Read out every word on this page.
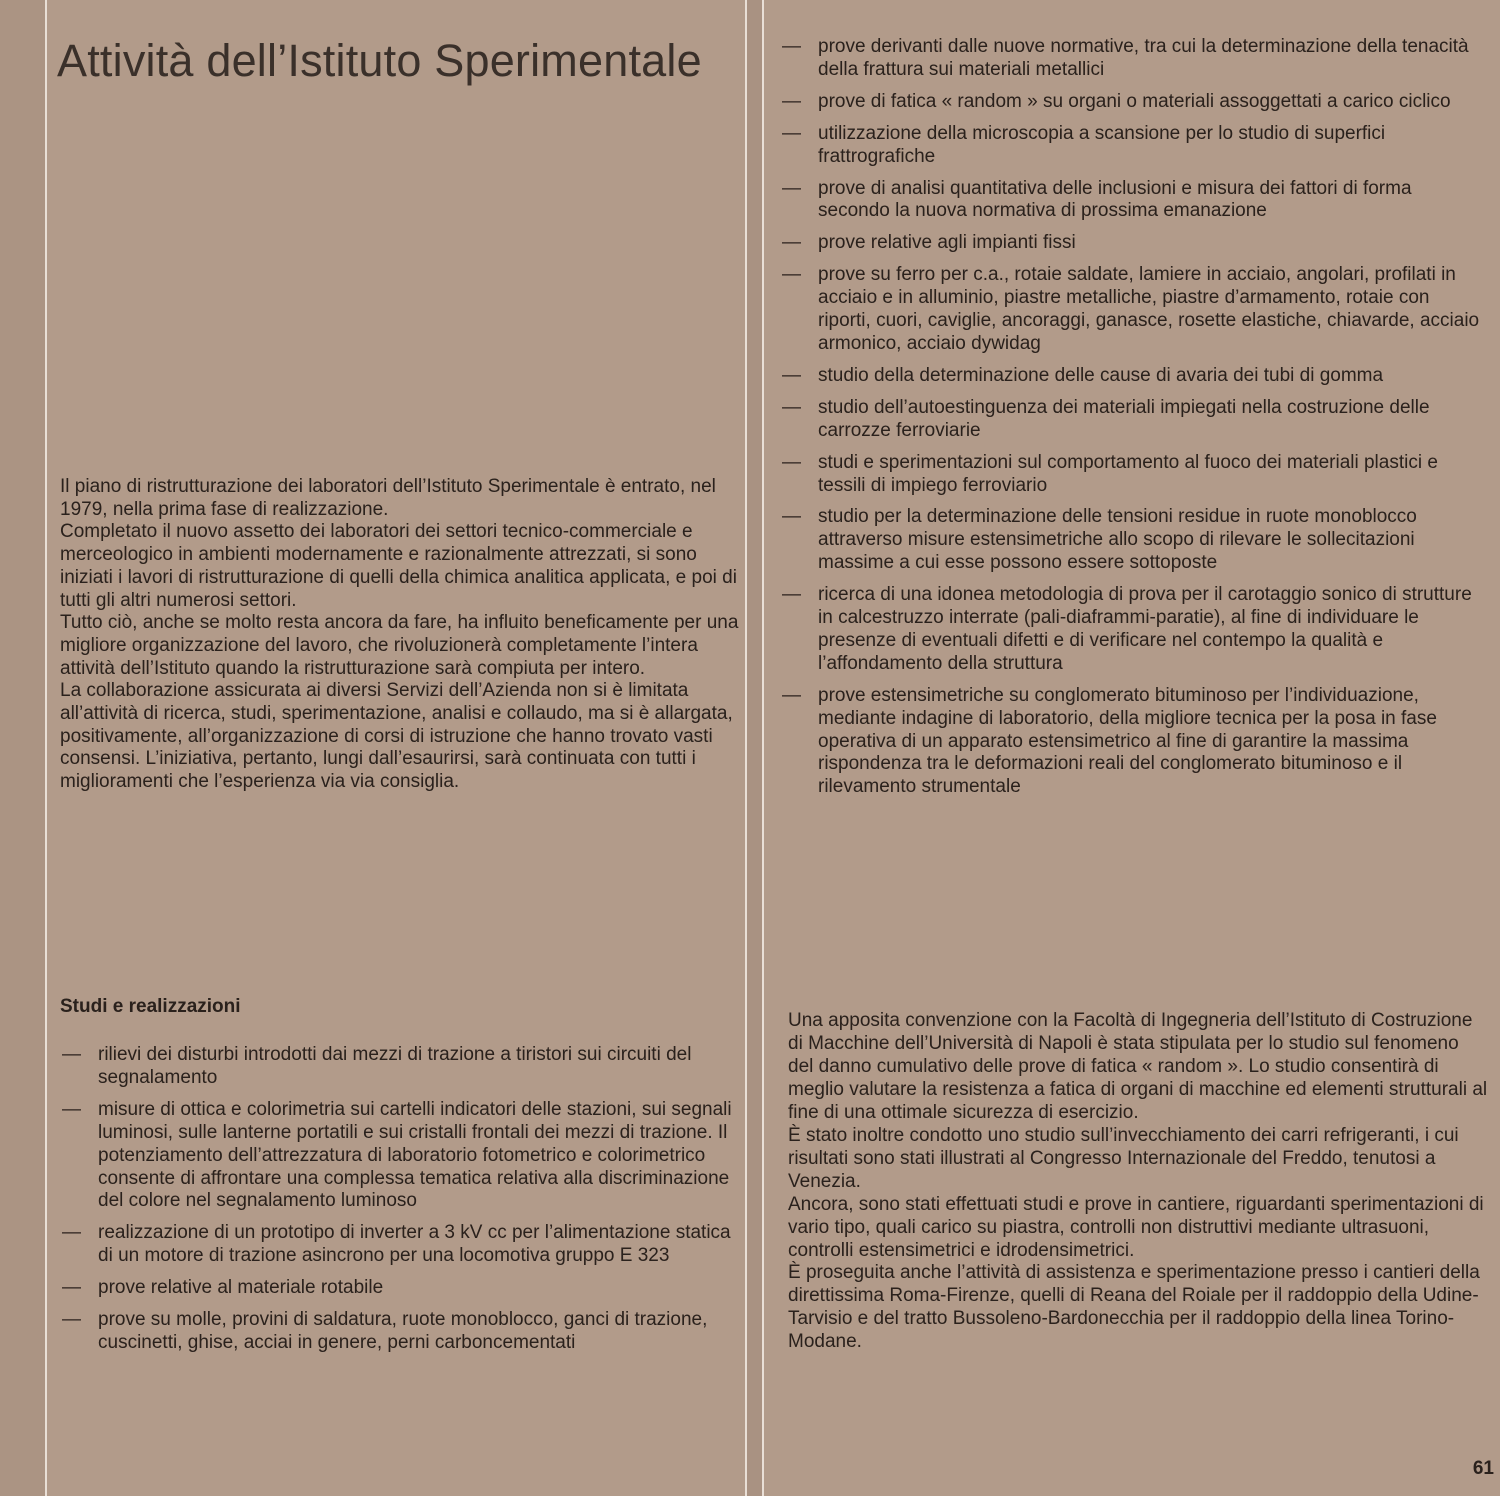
Attività dell’Istituto Sperimentale

Il piano di ristrutturazione dei laboratori dell’Istituto Sperimentale è entrato, nel 1979, nella prima fase di realizzazione.

Completato il nuovo assetto dei laboratori dei settori tecnico-commerciale e merceologico in ambienti modernamente e razionalmente attrezzati, si sono iniziati i lavori di ristrutturazione di quelli della chimica analitica applicata, e poi di tutti gli altri numerosi settori.

Tutto ciò, anche se molto resta ancora da fare, ha influito beneficamente per una migliore organizzazione del lavoro, che rivoluzionerà completamente l’intera attività dell’Istituto quando la ristrutturazione sarà compiuta per intero.

La collaborazione assicurata ai diversi Servizi dell’Azienda non si è limitata all’attività di ricerca, studi, sperimentazione, analisi e collaudo, ma si è allargata, positivamente, all’organizzazione di corsi di istruzione che hanno trovato vasti consensi. L’iniziativa, pertanto, lungi dall’esaurirsi, sarà continuata con tutti i miglioramenti che l’esperienza via via consiglia.

Studi e realizzazioni
— rilievi dei disturbi introdotti dai mezzi di trazione a tiristori sui circuiti del segnalamento
— misure di ottica e colorimetria sui cartelli indicatori delle stazioni, sui segnali luminosi, sulle lanterne portatili e sui cristalli frontali dei mezzi di trazione. Il potenziamento dell’attrezzatura di laboratorio fotometrico e colorimetrico consente di affrontare una complessa tematica relativa alla discriminazione del colore nel segnalamento luminoso
— realizzazione di un prototipo di inverter a 3 kV cc per l’alimentazione statica di un motore di trazione asincrono per una locomotiva gruppo E 323
— prove relative al materiale rotabile
— prove su molle, provini di saldatura, ruote monoblocco, ganci di trazione, cuscinetti, ghise, acciai in genere, perni carboncementati
— prove derivanti dalle nuove normative, tra cui la determinazione della tenacità della frattura sui materiali metallici
— prove di fatica « random » su organi o materiali assoggettati a carico ciclico
— utilizzazione della microscopia a scansione per lo studio di superfici frattrografiche
— prove di analisi quantitativa delle inclusioni e misura dei fattori di forma secondo la nuova normativa di prossima emanazione
— prove relative agli impianti fissi
— prove su ferro per c.a., rotaie saldate, lamiere in acciaio, angolari, profilati in acciaio e in alluminio, piastre metalliche, piastre d’armamento, rotaie con riporti, cuori, caviglie, ancoraggi, ganasce, rosette elastiche, chiavarde, acciaio armonico, acciaio dywidag
— studio della determinazione delle cause di avaria dei tubi di gomma
— studio dell’autoestinguenza dei materiali impiegati nella costruzione delle carrozze ferroviarie
— studi e sperimentazioni sul comportamento al fuoco dei materiali plastici e tessili di impiego ferroviario
— studio per la determinazione delle tensioni residue in ruote monoblocco attraverso misure estensimetriche allo scopo di rilevare le sollecitazioni massime a cui esse possono essere sottoposte
— ricerca di una idonea metodologia di prova per il carotaggio sonico di strutture in calcestruzzo interrate (pali-diaframmi-paratie), al fine di individuare le presenze di eventuali difetti e di verificare nel contempo la qualità e l’affondamento della struttura
— prove estensimetriche su conglomerato bituminoso per l’individuazione, mediante indagine di laboratorio, della migliore tecnica per la posa in fase operativa di un apparato estensimetrico al fine di garantire la massima rispondenza tra le deformazioni reali del conglomerato bituminoso e il rilevamento strumentale

Una apposita convenzione con la Facoltà di Ingegneria dell’Istituto di Costruzione di Macchine dell’Università di Napoli è stata stipulata per lo studio sul fenomeno del danno cumulativo delle prove di fatica « random ». Lo studio consentirà di meglio valutare la resistenza a fatica di organi di macchine ed elementi strutturali al fine di una ottimale sicurezza di esercizio.

È stato inoltre condotto uno studio sull’invecchiamento dei carri refrigeranti, i cui risultati sono stati illustrati al Congresso Internazionale del Freddo, tenutosi a Venezia.

Ancora, sono stati effettuati studi e prove in cantiere, riguardanti sperimentazioni di vario tipo, quali carico su piastra, controlli non distruttivi mediante ultrasuoni, controlli estensimetrici e idrodensimetrici.

È proseguita anche l’attività di assistenza e sperimentazione presso i cantieri della direttissima Roma-Firenze, quelli di Reana del Roiale per il raddoppio della Udine-Tarvisio e del tratto Bussoleno-Bardonecchia per il raddoppio della linea Torino-Modane.

61
